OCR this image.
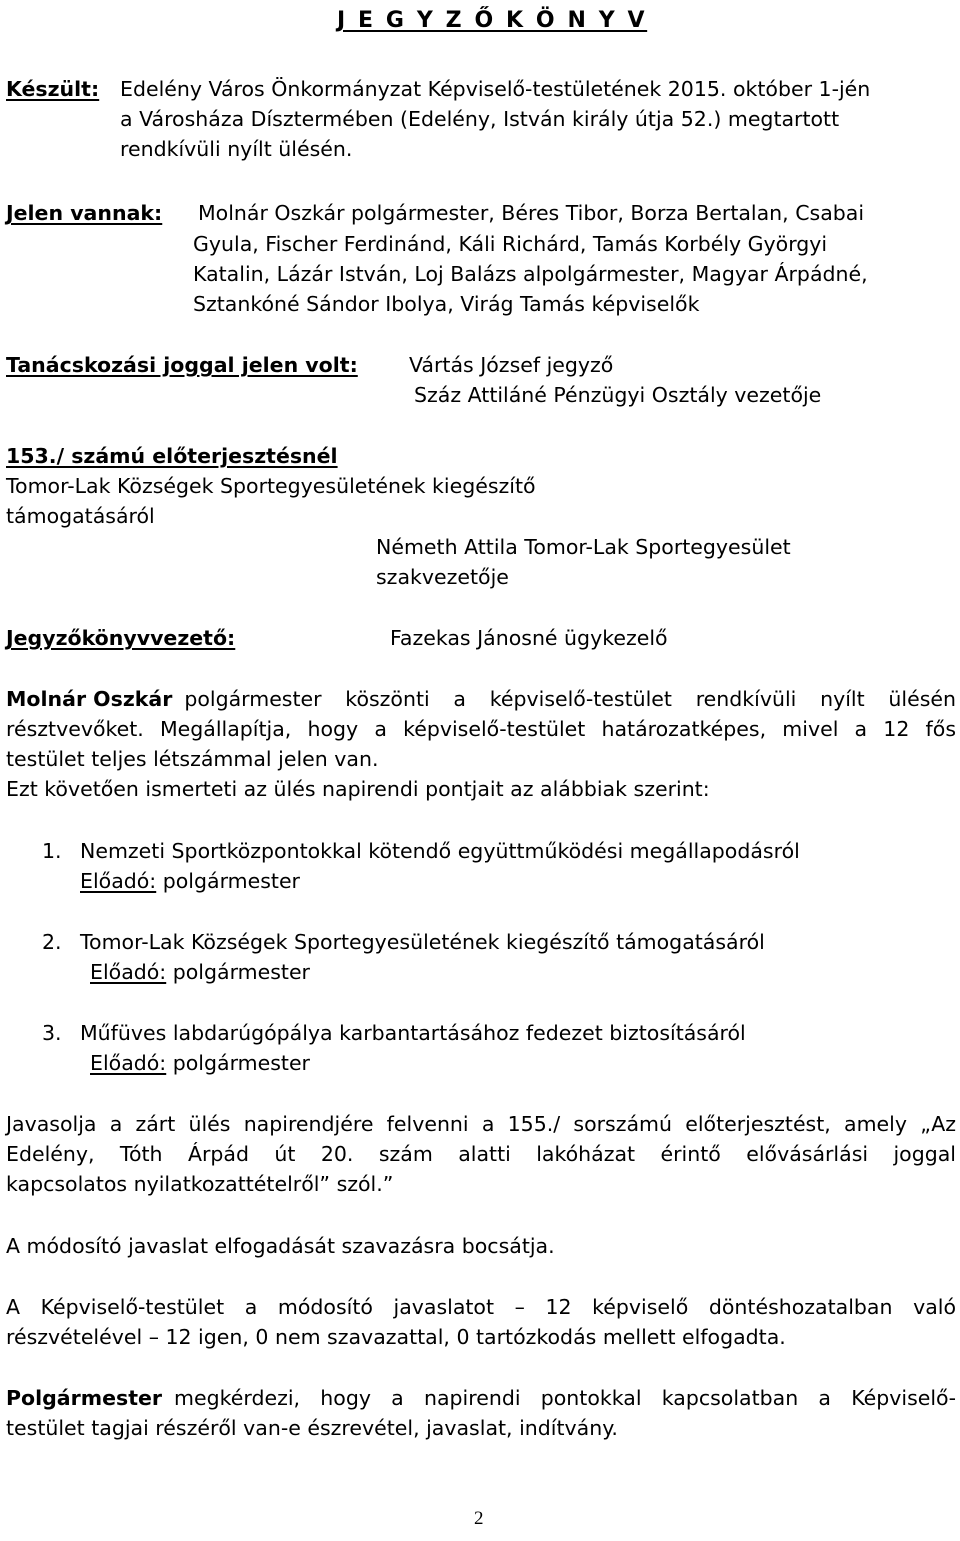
J E G Y Z Ő K Ö N Y V
Készült: Edelény Város Önkormányzat Képviselő-testületének 2015. október 1-jén
a Városháza Dísztermében (Edelény, István király útja 52.) megtartott
rendkívüli nyílt ülésén.
Jelen vannak: Molnár Oszkár polgármester, Béres Tibor, Borza Bertalan, Csabai
Gyula, Fischer Ferdinánd, Káli Richárd, Tamás Korbély Györgyi
Katalin, Lázár István, Loj Balázs alpolgármester, Magyar Árpádné,
Sztankóné Sándor Ibolya, Virág Tamás képviselők
Tanácskozási joggal jelen volt: Vártás József jegyző
Száz Attiláné Pénzügyi Osztály vezetője
153./ számú előterjesztésnél
Tomor-Lak Községek Sportegyesületének kiegészítő
támogatásáról
Németh Attila Tomor-Lak Sportegyesület
szakvezetője
Jegyzőkönyvvezető:	Fazekas Jánosné ügykezelő
Molnár Oszkár polgármester köszönti a képviselő-testület rendkívüli nyílt ülésén
résztvevőket. Megállapítja, hogy a képviselő-testület határozatképes, mivel a 12 fős
testület teljes létszámmal jelen van.
Ezt követően ismerteti az ülés napirendi pontjait az alábbiak szerint:
1. Nemzeti Sportközpontokkal kötendő együttműködési megállapodásról
Előadó: polgármester
2. Tomor-Lak Községek Sportegyesületének kiegészítő támogatásáról
Előadó: polgármester
3. Műfüves labdarúgópálya karbantartásához fedezet biztosításáról
Előadó: polgármester
Javasolja a zárt ülés napirendjére felvenni a 155./ sorszámú előterjesztést, amely „Az
Edelény, Tóth Árpád út 20. szám alatti lakóházat érintő elővásárlási joggal
kapcsolatos nyilatkozattételről” szól.”
A módosító javaslat elfogadását szavazásra bocsátja.
A Képviselő-testület a módosító javaslatot – 12 képviselő döntéshozatalban való
részvételével – 12 igen, 0 nem szavazattal, 0 tartózkodás mellett elfogadta.
Polgármester megkérdezi, hogy a napirendi pontokkal kapcsolatban a Képviselő-
testület tagjai részéről van-e észrevétel, javaslat, indítvány.
2
